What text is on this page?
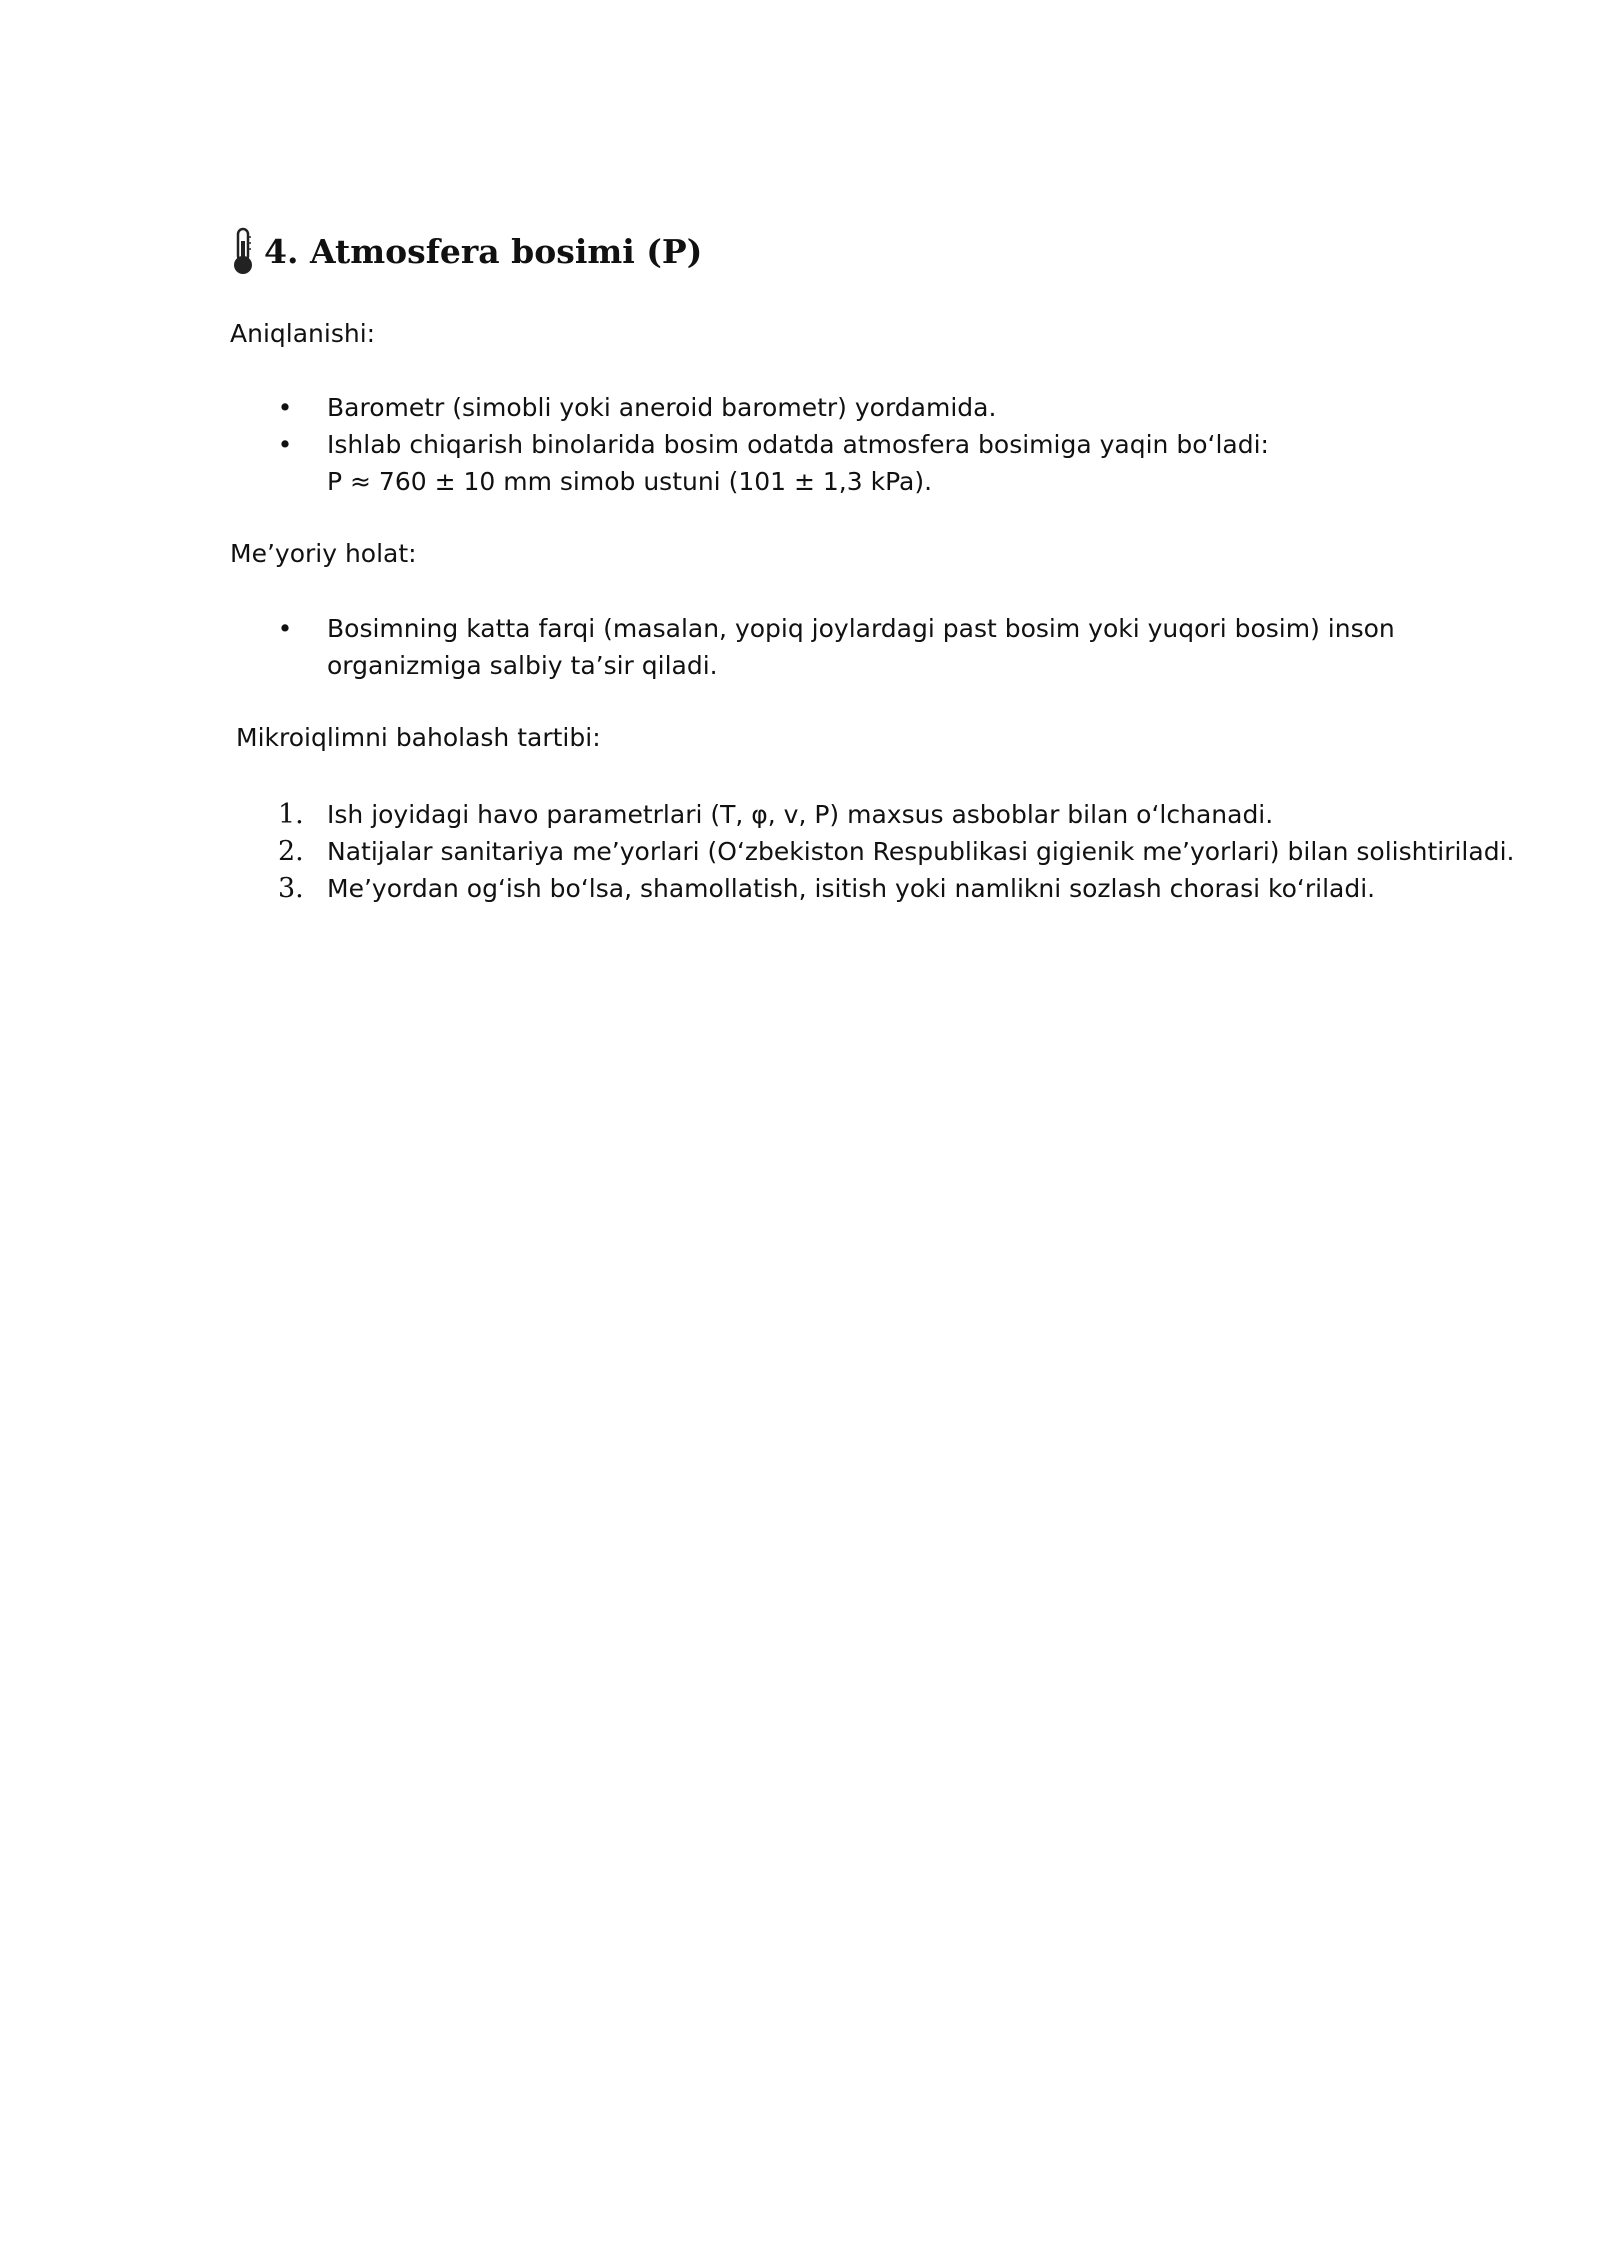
4. Atmosfera bosimi (P)
Aniqlanishi:
• Barometr (simobli yoki aneroid barometr) yordamida.
• Ishlab chiqarish binolarida bosim odatda atmosfera bosimiga yaqin bo‘ladi:
P ≈ 760 ± 10 mm simob ustuni (101 ± 1,3 kPa).
Me’yoriy holat:
• Bosimning katta farqi (masalan, yopiq joylardagi past bosim yoki yuqori bosim) inson
organizmiga salbiy ta’sir qiladi.
Mikroiqlimni baholash tartibi:
1. Ish joyidagi havo parametrlari (T, φ, v, P) maxsus asboblar bilan o‘lchanadi.
2. Natijalar sanitariya me’yorlari (O‘zbekiston Respublikasi gigienik me’yorlari) bilan solishtiriladi.
3. Me’yordan og‘ish bo‘lsa, shamollatish, isitish yoki namlikni sozlash chorasi ko‘riladi.
